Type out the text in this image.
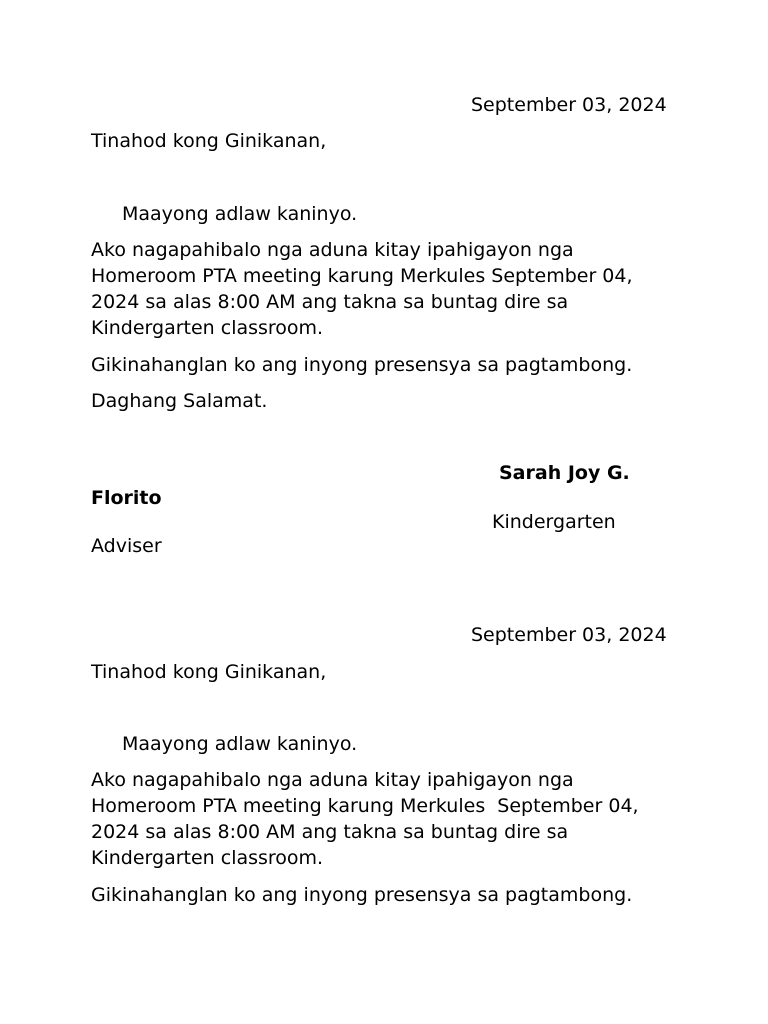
September 03, 2024
Tinahod kong Ginikanan,
Maayong adlaw kaninyo.
Ako nagapahibalo nga aduna kitay ipahigayon nga
Homeroom PTA meeting karung Merkules September 04,
2024 sa alas 8:00 AM ang takna sa buntag dire sa
Kindergarten classroom.
Gikinahanglan ko ang inyong presensya sa pagtambong.
Daghang Salamat.
Sarah Joy G.
Florito
Kindergarten
Adviser
September 03, 2024
Tinahod kong Ginikanan,
Maayong adlaw kaninyo.
Ako nagapahibalo nga aduna kitay ipahigayon nga
Homeroom PTA meeting karung Merkules  September 04,
2024 sa alas 8:00 AM ang takna sa buntag dire sa
Kindergarten classroom.
Gikinahanglan ko ang inyong presensya sa pagtambong.
